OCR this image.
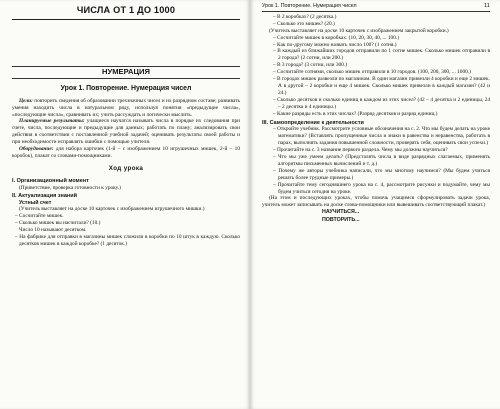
ЧИСЛА ОТ 1 ДО 1000
НУМЕРАЦИЯ
Урок 1. Повторение. Нумерация чисел

Цели: повторить сведения об образовании трехзначных чисел и их разрядном составе; развивать умения находить числа в натуральном ряду, используя понятия «предыдущие числа», «последующие числа», сравнивать их; учить рассуждать и логически мыслить.

Планируемые результаты: учащиеся научатся называть числа в порядке их следования при счете, числа, последующие и предыдущие для данных; работать по плану; анализировать свои действия в соответствии с поставленной учебной задачей; оценивать результаты своей работы и при необходимости исправлять ошибки с помощью учителя.

Оборудование: для набора карточек (1-й – с изображением 10 игрушечных мишек, 2-й – 10 коробок), плакат со словами-помощниками.

Ход урока
I. Организационный момент

(Приветствие, проверка готовности к уроку.)

II. Актуализация знаний
Устный счет

(Учитель выставляет на доске 10 карточек с изображением игрушечного мишки.)

– Сосчитайте мишек.
– Сколько мишек вы насчитали? (10.)

Число 10 называют десятком.

– На фабрике для отправки в магазины мишек сложили в коробки по 10 штук в каждую. Сколько десятков мишек в каждой коробке? (1 десяток.)
Урок 1. Повторение. Нумерация чисел	11
– В 2 коробках? (2 десятка.)
– Сколько это мишек? (20.)

(Учитель выставляет на доске 10 карточек с изображением закрытой коробки.)

– Сосчитайте мишек в коробках. (10, 20, 30, 40, ... 100.)
– Как по-другому можно назвать число 100? (1 сотня.)
– В каждый из ближайших городов отправили по 1 сотне мишек. Сколько мишек отправили в 2 города? (2 сотни, или 200.)
– В 3 города? (3 сотни, или 300.)
– Сосчитайте сотнями, сколько мишек отправили в 10 городов. (100, 200, 300, ... 1000.)
– В городах мишек развезли по магазинам. В один магазин привезли 4 коробки и еще 2 мишек. А в другой – 2 коробки и еще 4 мишек. Сколько мишек привезли в каждый магазин? (42 и 24.)
– Сколько десятков и сколько единиц в каждом из этих чисел? (42 – 4 десятка и 2 единицы, 24 – 2 десятка и 4 единицы.)
– Какие разряды есть в этих числах? (Разряд десятков и разряд единиц.)
III. Самоопределение к деятельности
– Откройте учебник. Рассмотрите условные обозначения на с. 2. Что мы будем делать на уроке математики? (Вставлять пропущенные числа и знаки в равенства и неравенства, работать в парах, выполнять задания повышенной сложности, проверять себя, оценивать свои успехи.)
– Прочитайте на с. 3 название первого раздела. Чему мы должны научиться?
– Что мы уже умеем делать? (Предсталять числа в виде разрядных слагаемых, применять алгоритмы письменных вычислений и т. д.)
– Почему же авторы учебника написали, что мы многому научимся? (Мы будем учиться решать более трудные примеры.)
– Прочитайте тему сегодняшнего урока на с. 4, рассмотрите рисунки и подумайте, чему мы будем учиться сегодня на уроке.

(На этом и последующих уроках, чтобы помочь учащимся сформулировать задачи урока, учитель может записывать на доске слова-помощники или вывешивать соответствующий плакат.)

НАУЧИТЬСЯ...
ПОВТОРИТЬ...
